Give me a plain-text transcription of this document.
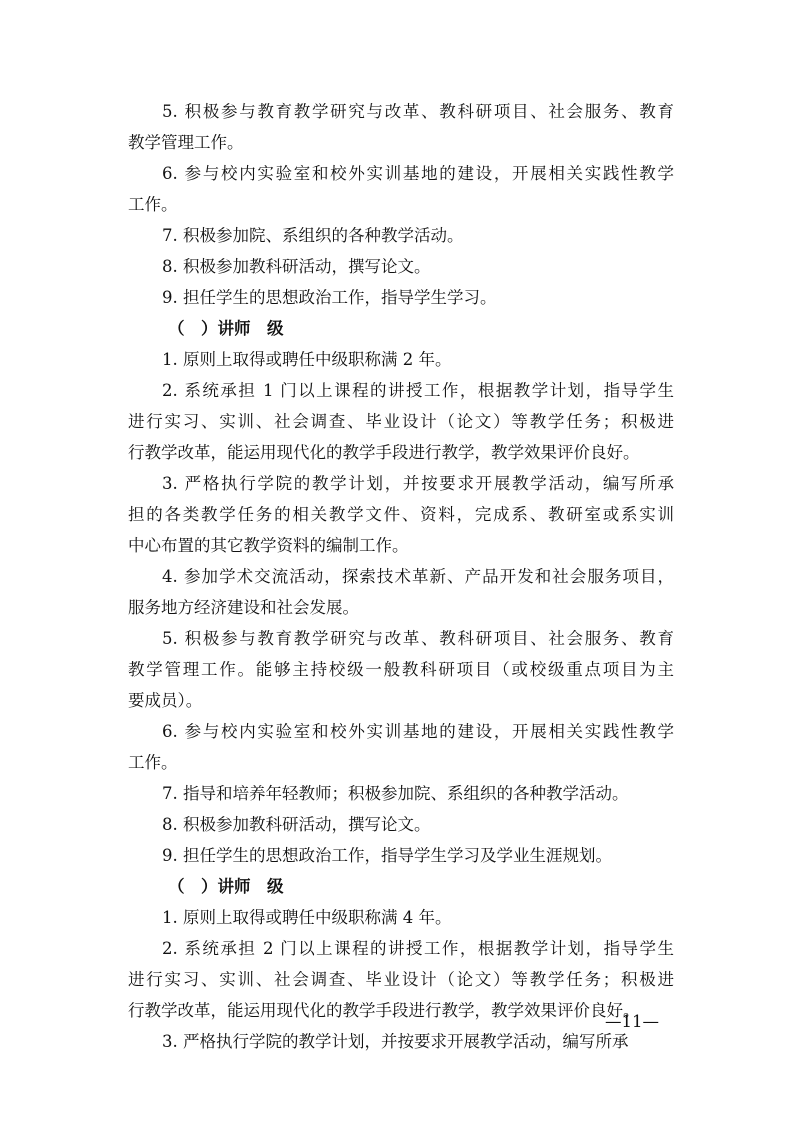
5. 积极参与教育教学研究与改革、教科研项目、社会服务、教育
教学管理工作。
6. 参与校内实验室和校外实训基地的建设，开展相关实践性教学
工作。
7. 积极参加院、系组织的各种教学活动。
8. 积极参加教科研活动，撰写论文。
9. 担任学生的思想政治工作，指导学生学习。
（　）讲师　级
1. 原则上取得或聘任中级职称满 2 年。
2. 系统承担 1 门以上课程的讲授工作，根据教学计划，指导学生
进行实习、实训、社会调查、毕业设计（论文）等教学任务；积极进
行教学改革，能运用现代化的教学手段进行教学，教学效果评价良好。
3. 严格执行学院的教学计划，并按要求开展教学活动，编写所承
担的各类教学任务的相关教学文件、资料，完成系、教研室或系实训
中心布置的其它教学资料的编制工作。
4. 参加学术交流活动，探索技术革新、产品开发和社会服务项目，
服务地方经济建设和社会发展。
5. 积极参与教育教学研究与改革、教科研项目、社会服务、教育
教学管理工作。能够主持校级一般教科研项目（或校级重点项目为主
要成员）。
6. 参与校内实验室和校外实训基地的建设，开展相关实践性教学
工作。
7. 指导和培养年轻教师；积极参加院、系组织的各种教学活动。
8. 积极参加教科研活动，撰写论文。
9. 担任学生的思想政治工作，指导学生学习及学业生涯规划。
（　）讲师　级
1. 原则上取得或聘任中级职称满 4 年。
2. 系统承担 2 门以上课程的讲授工作，根据教学计划，指导学生
进行实习、实训、社会调查、毕业设计（论文）等教学任务；积极进
行教学改革，能运用现代化的教学手段进行教学，教学效果评价良好。
3. 严格执行学院的教学计划，并按要求开展教学活动，编写所承
—11—
